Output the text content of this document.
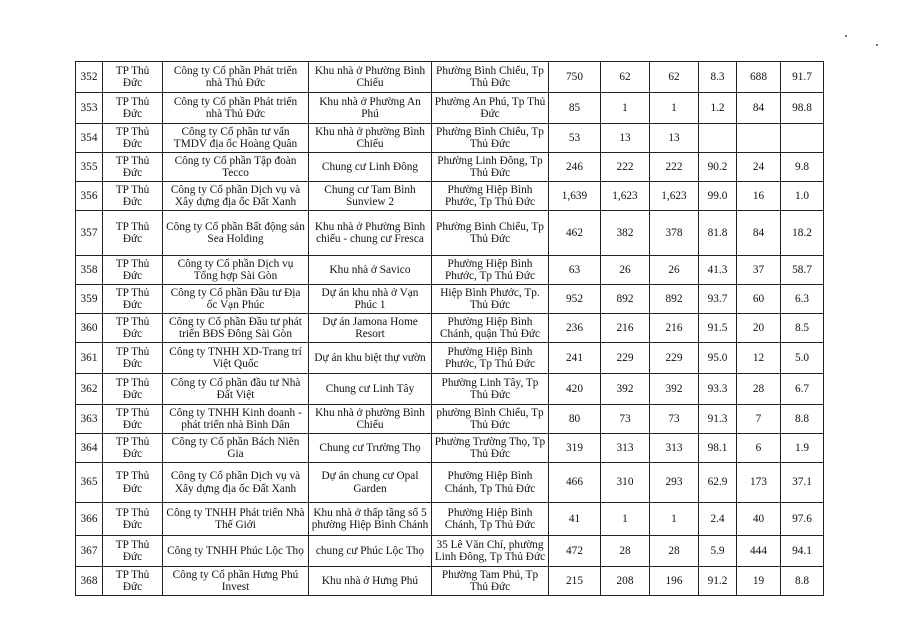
352	TP Thủ Đức	Công ty Cổ phần Phát triển nhà Thủ Đức	Khu nhà ở Phường Bình Chiểu	Phường Bình Chiểu, Tp Thủ Đức	750	62	62	8.3	688	91.7
353	TP Thủ Đức	Công ty Cổ phần Phát triển nhà Thủ Đức	Khu nhà ở Phường An Phú	Phường An Phú, Tp Thủ Đức	85	1	1	1.2	84	98.8
354	TP Thủ Đức	Công ty Cổ phần tư vấn TMDV địa ốc Hoàng Quân	Khu nhà ở phường Bình Chiểu	Phường Bình Chiểu, Tp Thủ Đức	53	13	13			
355	TP Thủ Đức	Công ty Cổ phần Tập đoàn Tecco	Chung cư Linh Đông	Phường Linh Đông, Tp Thủ Đức	246	222	222	90.2	24	9.8
356	TP Thủ Đức	Công ty Cổ phần Dịch vụ và Xây dựng địa ốc Đất Xanh	Chung cư Tam Bình Sunview 2	Phường Hiệp Bình Phước, Tp Thủ Đức	1,639	1,623	1,623	99.0	16	1.0
357	TP Thủ Đức	Công ty Cổ phần Bất động sản Sea Holding	Khu nhà ở Phường Bình chiểu - chung cư Fresca	Phường Bình Chiểu, Tp Thủ Đức	462	382	378	81.8	84	18.2
358	TP Thủ Đức	Công ty Cổ phần Dịch vụ Tổng hợp Sài Gòn	Khu nhà ở Savico	Phường Hiệp Bình Phước, Tp Thủ Đức	63	26	26	41.3	37	58.7
359	TP Thủ Đức	Công ty Cổ phần Đầu tư Địa ốc Vạn Phúc	Dự án khu nhà ở Vạn Phúc 1	Hiệp Bình Phước, Tp. Thủ Đức	952	892	892	93.7	60	6.3
360	TP Thủ Đức	Công ty Cổ phần Đầu tư phát triển BĐS Đông Sài Gòn	Dự án Jamona Home Resort	Phường Hiệp Bình Chánh, quận Thủ Đức	236	216	216	91.5	20	8.5
361	TP Thủ Đức	Công ty TNHH XD-Trang trí Việt Quốc	Dự án khu biệt thự vườn	Phường Hiệp Bình Phước, Tp Thủ Đức	241	229	229	95.0	12	5.0
362	TP Thủ Đức	Công ty Cổ phần đầu tư Nhà Đất Việt	Chung cư Linh Tây	Phường Linh Tây, Tp Thủ Đức	420	392	392	93.3	28	6.7
363	TP Thủ Đức	Công ty TNHH Kinh doanh - phát triển nhà Bình Dân	Khu nhà ở phường Bình Chiểu	phường Bình Chiểu, Tp Thủ Đức	80	73	73	91.3	7	8.8
364	TP Thủ Đức	Công ty Cổ phần Bách Niên Gia	Chung cư Trường Thọ	Phường Trường Thọ, Tp Thủ Đức	319	313	313	98.1	6	1.9
365	TP Thủ Đức	Công ty Cổ phần Dịch vụ và Xây dựng địa ốc Đất Xanh	Dự án chung cư Opal Garden	Phường Hiệp Bình Chánh, Tp Thủ Đức	466	310	293	62.9	173	37.1
366	TP Thủ Đức	Công ty TNHH Phát triển Nhà Thế Giới	Khu nhà ở thấp tầng số 5 phường Hiệp Bình Chánh	Phường Hiệp Bình Chánh, Tp Thủ Đức	41	1	1	2.4	40	97.6
367	TP Thủ Đức	Công ty TNHH Phúc Lộc Thọ	chung cư Phúc Lộc Thọ	35 Lê Văn Chí, phường Linh Đông, Tp Thủ Đức	472	28	28	5.9	444	94.1
368	TP Thủ Đức	Công ty Cổ phần Hưng Phú Invest	Khu nhà ở Hưng Phú	Phường Tam Phú, Tp Thủ Đức	215	208	196	91.2	19	8.8
